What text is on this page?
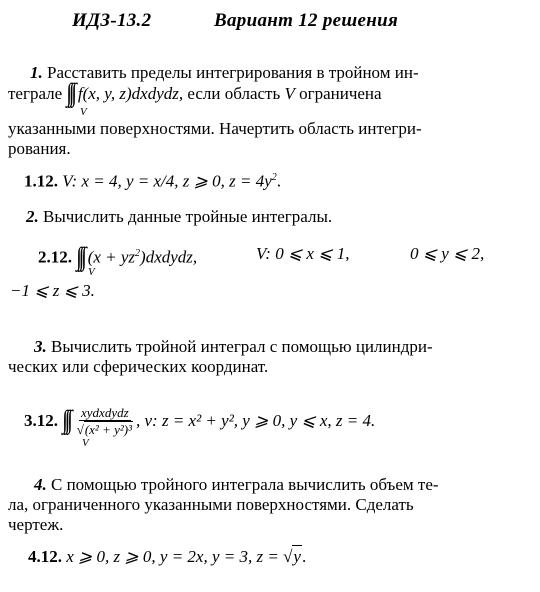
ИДЗ-13.2	Вариант 12 решения
1. Расставить пределы интегрирования в тройном ин-
теграле ∫∫∫ f(x, y, z)dxdydz, если область V ограничена
V
указанными поверхностями. Начертить область интегри-
рования.
1.12. V: x = 4, y = x/4, z ⩾ 0, $z = 4y^2$.
2. Вычислить данные тройные интегралы.
2.12. ∫∫∫ $(x + yz^2)dxdydz$,	V: 0 ⩽ x ⩽ 1,	0 ⩽ y ⩽ 2,
V
−1 ⩽ z ⩽ 3.
3. Вычислить тройной интеграл с помощью цилиндри-
ческих или сферических координат.
3.12. ∫∫∫ $\frac{\text{xydxdydz}}{\text{√(x² + y²)³}}$ , v: z = x² + y², y ⩾ 0, y ⩽ x, z = 4.
V
4. С помощью тройного интеграла вычислить объем те-
ла, ограниченного указанными поверхностями. Сделать
чертеж.
4.12. x ⩾ 0, z ⩾ 0, y = 2x, y = 3, z = √y.
